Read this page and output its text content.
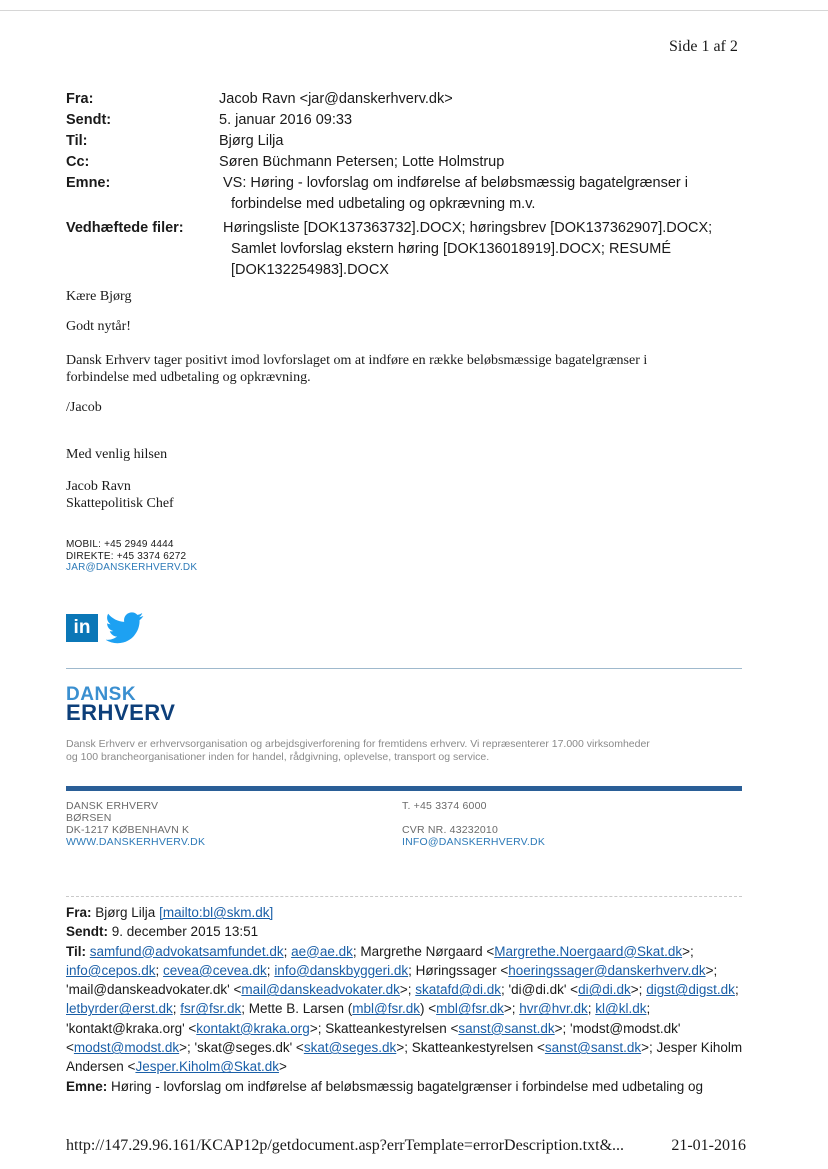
Side 1 af 2
Fra:	Jacob Ravn <jar@danskerhverv.dk>
Sendt:	5. januar 2016 09:33
Til:	Bjørg Lilja
Cc:	Søren Büchmann Petersen; Lotte Holmstrup
Emne:	VS: Høring - lovforslag om indførelse af beløbsmæssig bagatelgrænser i
forbindelse med udbetaling og opkrævning m.v.
Vedhæftede filer:	Høringsliste [DOK137363732].DOCX; høringsbrev [DOK137362907].DOCX;
Samlet lovforslag ekstern høring [DOK136018919].DOCX; RESUMÉ
[DOK132254983].DOCX
Kære Bjørg
Godt nytår!
Dansk Erhverv tager positivt imod lovforslaget om at indføre en række beløbsmæssige bagatelgrænser i
forbindelse med udbetaling og opkrævning.
/Jacob
Med venlig hilsen
Jacob Ravn
Skattepolitisk Chef
MOBIL: +45 2949 4444
DIREKTE: +45 3374 6272
JAR@DANSKERHVERV.DK
in
DANSK
ERHVERV
Dansk Erhverv er erhvervsorganisation og arbejdsgiverforening for fremtidens erhverv. Vi repræsenterer 17.000 virksomheder
og 100 brancheorganisationer inden for handel, rådgivning, oplevelse, transport og service.
DANSK ERHVERV
BØRSEN
DK-1217 KØBENHAVN K
WWW.DANSKERHVERV.DK
T. +45 3374 6000
CVR NR. 43232010
INFO@DANSKERHVERV.DK
Fra: Bjørg Lilja [mailto:bl@skm.dk]
Sendt: 9. december 2015 13:51
Til: samfund@advokatsamfundet.dk; ae@ae.dk; Margrethe Nørgaard <Margrethe.Noergaard@Skat.dk>; info@cepos.dk; cevea@cevea.dk; info@danskbyggeri.dk; Høringssager <hoeringssager@danskerhverv.dk>; 'mail@danskeadvokater.dk' <mail@danskeadvokater.dk>; skatafd@di.dk; 'di@di.dk' <di@di.dk>; digst@digst.dk; letbyrder@erst.dk; fsr@fsr.dk; Mette B. Larsen (mbl@fsr.dk) <mbl@fsr.dk>; hvr@hvr.dk; kl@kl.dk; 'kontakt@kraka.org' <kontakt@kraka.org>; Skatteankestyrelsen <sanst@sanst.dk>; 'modst@modst.dk' <modst@modst.dk>; 'skat@seges.dk' <skat@seges.dk>; Skatteankestyrelsen <sanst@sanst.dk>; Jesper Kiholm Andersen <Jesper.Kiholm@Skat.dk>
Emne: Høring - lovforslag om indførelse af beløbsmæssig bagatelgrænser i forbindelse med udbetaling og
http://147.29.96.161/KCAP12p/getdocument.asp?errTemplate=errorDescription.txt&...	21-01-2016
